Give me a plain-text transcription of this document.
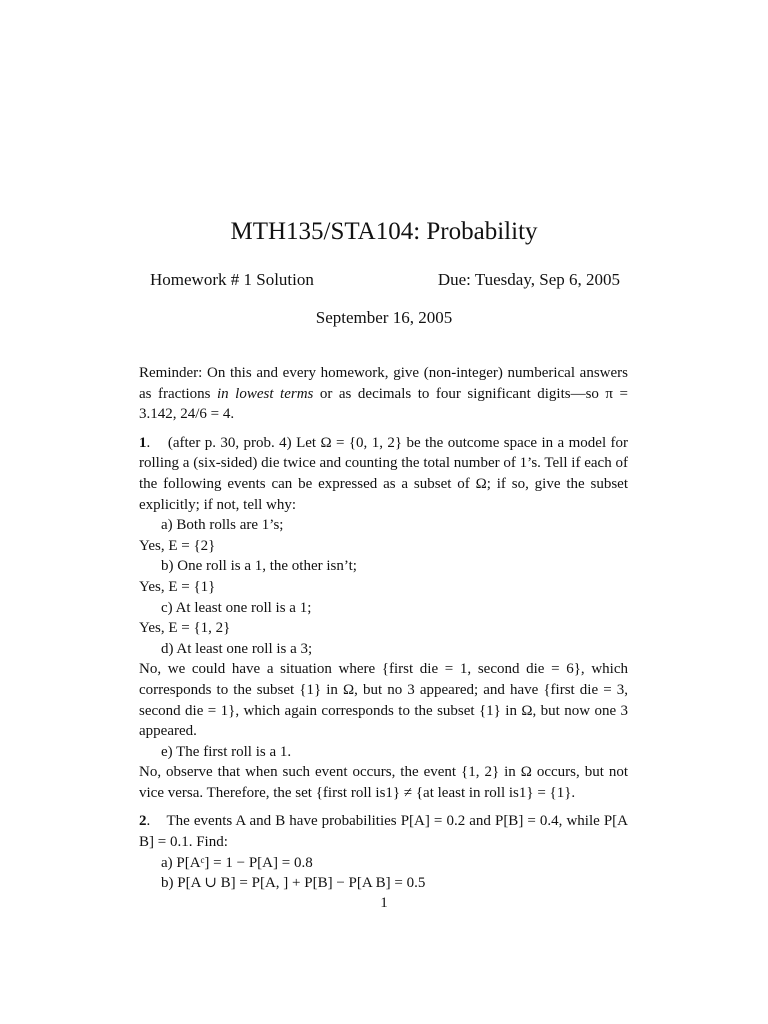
MTH135/STA104: Probability
Homework # 1 Solution	Due: Tuesday, Sep 6, 2005
September 16, 2005

Reminder: On this and every homework, give (non-integer) numberical answers as fractions in lowest terms or as decimals to four significant digits—so π = 3.142, 24/6 = 4.

1.    (after p. 30, prob. 4) Let Ω = {0, 1, 2} be the outcome space in a model for rolling a (six-sided) die twice and counting the total number of 1’s. Tell if each of the following events can be expressed as a subset of Ω; if so, give the subset explicitly; if not, tell why:

a) Both rolls are 1’s;

Yes, E = {2}

b) One roll is a 1, the other isn’t;

Yes, E = {1}

c) At least one roll is a 1;

Yes, E = {1, 2}

d) At least one roll is a 3;

No, we could have a situation where {first die = 1, second die = 6}, which corresponds to the subset {1} in Ω, but no 3 appeared; and have {first die = 3, second die = 1}, which again corresponds to the subset {1} in Ω, but now one 3 appeared.

e) The first roll is a 1.

No, observe that when such event occurs, the event {1, 2} in Ω occurs, but not vice versa. Therefore, the set {first roll is1} ≠ {at least in roll is1} = {1}.

2.    The events A and B have probabilities P[A] = 0.2 and P[B] = 0.4, while P[A B] = 0.1. Find:

a) P[Aᶜ] = 1 − P[A] = 0.8

b) P[A ∪ B] = P[A, ] + P[B] − P[A B] = 0.5

1
